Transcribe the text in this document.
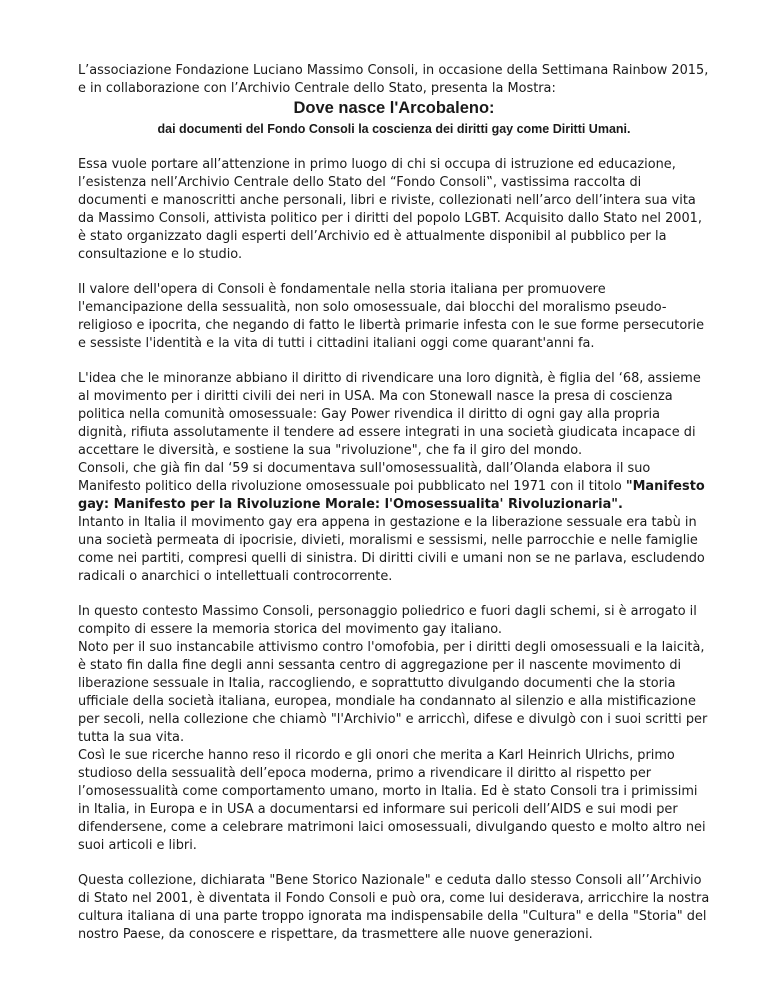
L’associazione Fondazione Luciano Massimo Consoli, in occasione della Settimana Rainbow 2015, e in collaborazione con l’Archivio Centrale dello Stato, presenta la Mostra:

Dove nasce l'Arcobaleno:

dai documenti del Fondo Consoli la coscienza dei diritti gay come Diritti Umani.

Essa vuole portare all’attenzione in primo luogo di chi si occupa di istruzione ed educazione, l’esistenza nell’Archivio Centrale dello Stato del “Fondo Consoli‟, vastissima raccolta di documenti e manoscritti anche personali, libri e riviste, collezionati nell’arco dell’intera sua vita da Massimo Consoli, attivista politico per i diritti del popolo LGBT. Acquisito dallo Stato nel 2001, è stato organizzato dagli esperti dell’Archivio ed è attualmente disponibil al pubblico per la consultazione e lo studio.

Il valore dell'opera di Consoli è fondamentale nella storia italiana per promuovere l'emancipazione della sessualità, non solo omosessuale, dai blocchi del moralismo pseudo-religioso e ipocrita, che negando di fatto le libertà primarie infesta con le sue forme persecutorie e sessiste l'identità e la vita di tutti i cittadini italiani oggi come quarant'anni fa.

L'idea che le minoranze abbiano il diritto di rivendicare una loro dignità, è figlia del ‘68, assieme al movimento per i diritti civili dei neri in USA. Ma con Stonewall nasce la presa di coscienza politica nella comunità omosessuale: Gay Power rivendica il diritto di ogni gay alla propria dignità, rifiuta assolutamente il tendere ad essere integrati in una società giudicata incapace di accettare le diversità, e sostiene la sua "rivoluzione", che fa il giro del mondo.

Consoli, che già fin dal ‘59 si documentava sull'omosessualità, dall’Olanda elabora il suo Manifesto politico della rivoluzione omosessuale poi pubblicato nel 1971 con il titolo "Manifesto gay: Manifesto per la Rivoluzione Morale: l'Omosessualita' Rivoluzionaria".

Intanto in Italia il movimento gay era appena in gestazione e la liberazione sessuale era tabù in una società permeata di ipocrisie, divieti, moralismi e sessismi, nelle parrocchie e nelle famiglie come nei partiti, compresi quelli di sinistra. Di diritti civili e umani non se ne parlava, escludendo radicali o anarchici o intellettuali controcorrente.

In questo contesto Massimo Consoli, personaggio poliedrico e fuori dagli schemi, si è arrogato il compito di essere la memoria storica del movimento gay italiano.

Noto per il suo instancabile attivismo contro l'omofobia, per i diritti degli omosessuali e la laicità, è stato fin dalla fine degli anni sessanta centro di aggregazione per il nascente movimento di liberazione sessuale in Italia, raccogliendo, e soprattutto divulgando documenti che la storia ufficiale della società italiana, europea, mondiale ha condannato al silenzio e alla mistificazione per secoli, nella collezione che chiamò "l'Archivio" e arricchì, difese e divulgò con i suoi scritti per tutta la sua vita.

Così le sue ricerche hanno reso il ricordo e gli onori che merita a Karl Heinrich Ulrichs, primo studioso della sessualità dell’epoca moderna, primo a rivendicare il diritto al rispetto per l’omosessualità come comportamento umano, morto in Italia. Ed è stato Consoli tra i primissimi in Italia, in Europa e in USA a documentarsi ed informare sui pericoli dell’AIDS e sui modi per difendersene, come a celebrare matrimoni laici omosessuali, divulgando questo e molto altro nei suoi articoli e libri.

Questa collezione, dichiarata "Bene Storico Nazionale" e ceduta dallo stesso Consoli all’’Archivio di Stato nel 2001, è diventata il Fondo Consoli e può ora, come lui desiderava, arricchire la nostra cultura italiana di una parte troppo ignorata ma indispensabile della "Cultura" e della "Storia" del nostro Paese, da conoscere e rispettare, da trasmettere alle nuove generazioni.
